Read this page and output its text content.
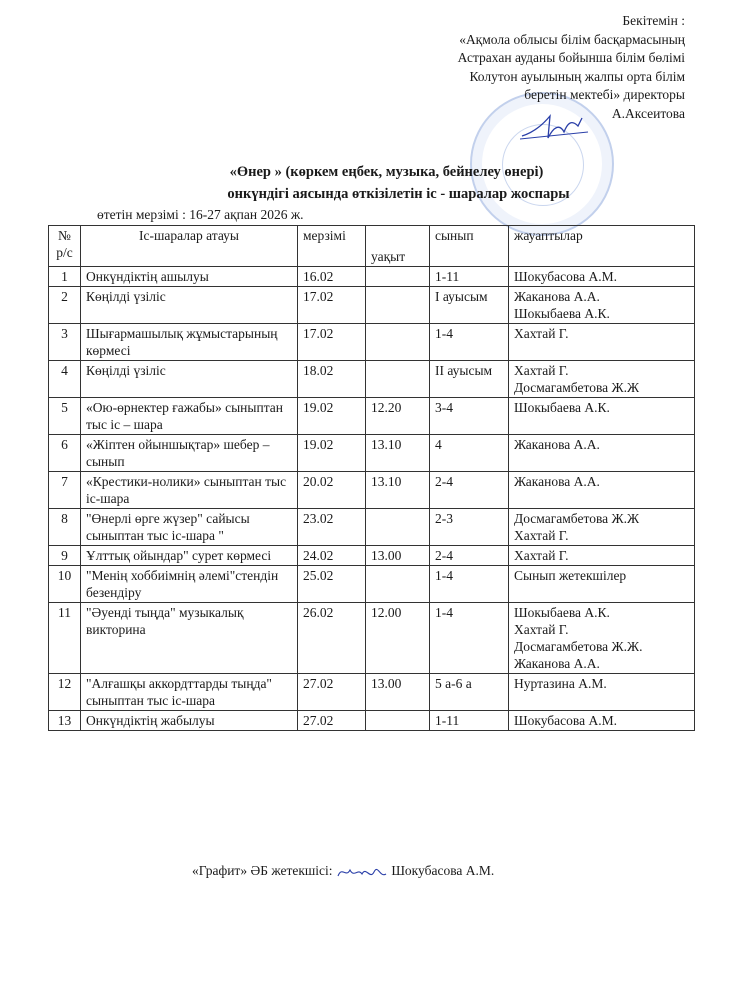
Бекітемін :
«Ақмола облысы білім басқармасының
Астрахан ауданы бойынша білім бөлімі
Колутон ауылының жалпы орта білім
беретін мектебі» директоры
А.Аксеитова
«Өнер » (көркем еңбек, музыка, бейнелеу өнері)
онкүндігі аясында өткізілетін іс - шаралар жоспары
өтетін мерзімі : 16-27 ақпан 2026 ж.
№ р/с	Іс-шаралар атауы	мерзімі	уақыт	сынып	жауаптылар
1	Онкүндіктің ашылуы	16.02		1-11	Шокубасова А.М.

2	Көңілді үзіліс	17.02		I ауысым	Жаканова А.А.
Шокыбаева А.К.

3	Шығармашылық жұмыстарының көрмесі	17.02		1-4	Хахтай Г.

4	Көңілді үзіліс	18.02		II ауысым	Хахтай Г.
Досмагамбетова Ж.Ж

5	«Ою-өрнектер ғажабы» сыныптан тыс іс – шара	19.02	12.20	3-4	Шокыбаева А.К.

6	«Жіптен ойыншықтар» шебер –сынып	19.02	13.10	4	Жаканова А.А.

7	«Крестики-нолики» сыныптан тыс іс-шара	20.02	13.10	2-4	Жаканова А.А.

8	"Өнерлі өрге жүзер" сайысы сыныптан тыс іс-шара "	23.02		2-3	Досмагамбетова Ж.Ж
Хахтай Г.

9	Ұлттық ойындар" сурет көрмесі	24.02	13.00	2-4	Хахтай Г.

10	"Менің хоббиімнің әлемі"стендін безендіру	25.02		1-4	Сынып жетекшілер

11	"Әуенді тыңда" музыкалық викторина	26.02	12.00	1-4	Шокыбаева А.К.
Хахтай Г.
Досмагамбетова Ж.Ж.
Жаканова А.А.

12	"Алғашқы аккордттарды тыңда" сыныптан тыс іс-шара	27.02	13.00	5 а-6 а	Нуртазина А.М.

13	Онкүндіктің жабылуы	27.02		1-11	Шокубасова А.М.
«Графит» ӘБ жетекшісі:	Шокубасова А.М.
